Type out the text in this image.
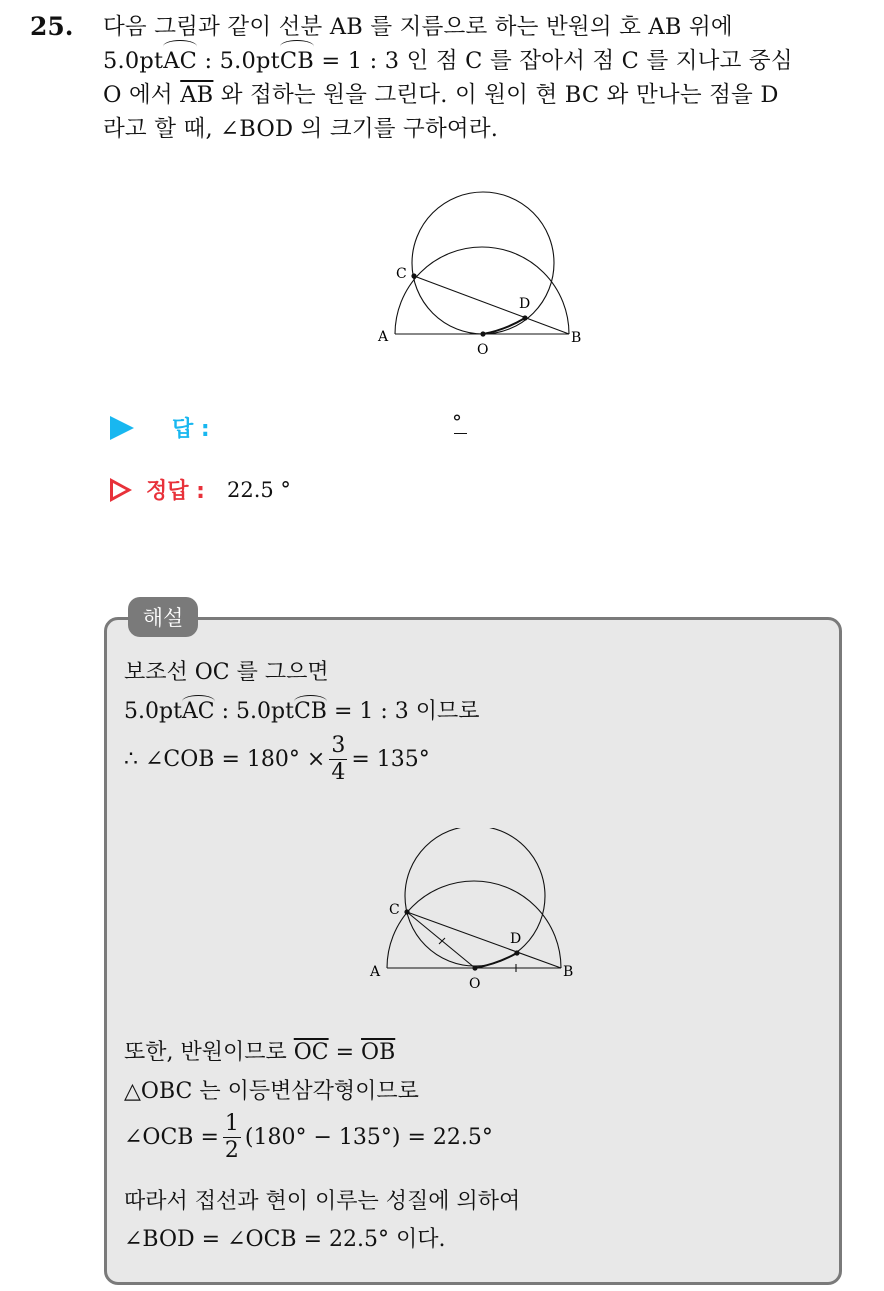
25. 다음 그림과 같이 선분 AB 를 지름으로 하는 반원의 호 AB 위에
5.0ptAC : 5.0ptCB = 1 : 3 인 점 C 를 잡아서 점 C 를 지나고 중심
O 에서 $\overline{AB}$ 와 접하는 원을 그린다. 이 원이 현 BC 와 만나는 점을 D
라고 할 때, ∠BOD 의 크기를 구하여라.
A	B
C
D
O
답 :	°
정답 : 22.5 °
해설
보조선 OC 를 그으면
5.0ptAC : 5.0ptCB = 1 : 3 이므로
∴ ∠COB = $180^\circ \times \frac{3}{4} = 135^\circ$
A	B
C
D
O
또한, 반원이므로 $\overline{OC} = \overline{OB}$
△OBC 는 이등변삼각형이므로
∠OCB = $\frac{1}{2} (180^\circ - 135^\circ) = 22.5^\circ$
따라서 접선과 현이 이루는 성질에 의하여
∠BOD = ∠OCB = 22.5° 이다.
